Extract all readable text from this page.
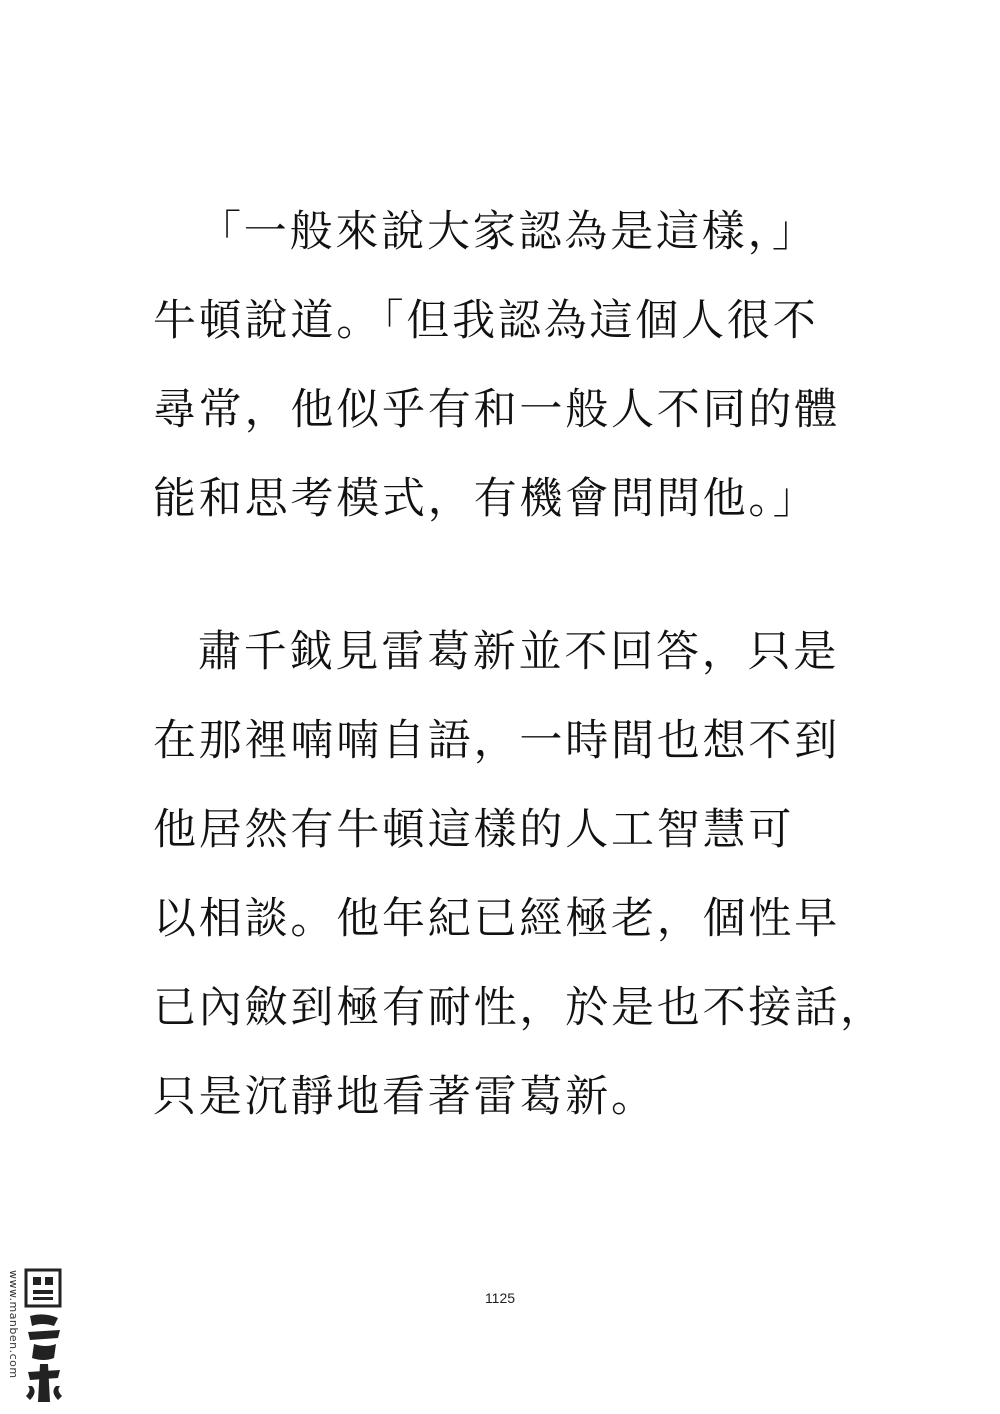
「一般來說大家認為是這樣，」
牛頓說道。「但我認為這個人很不
尋常，他似乎有和一般人不同的體
能和思考模式，有機會問問他。」
肅千鉞見雷葛新並不回答，只是
在那裡喃喃自語，一時間也想不到
他居然有牛頓這樣的人工智慧可
以相談。他年紀已經極老，個性早
已內斂到極有耐性，於是也不接話，
只是沉靜地看著雷葛新。
1125
www.manben.com
